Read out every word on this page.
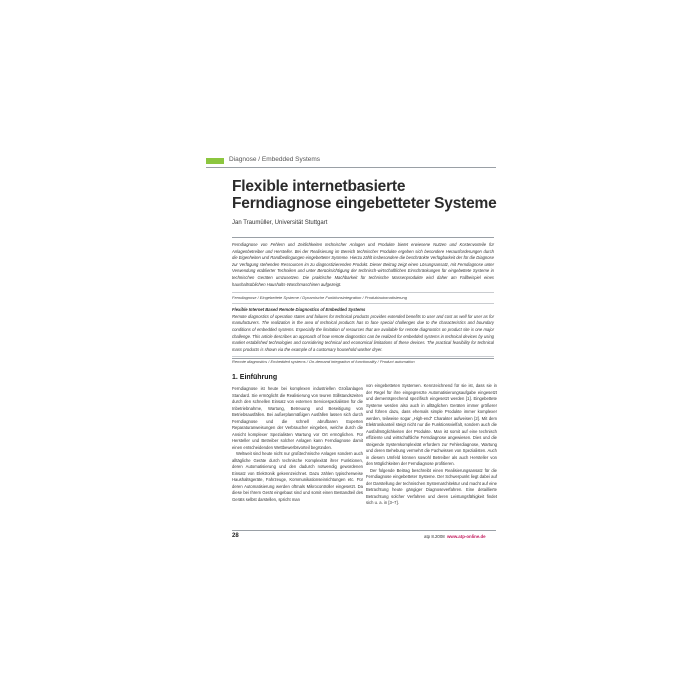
Diagnose / Embedded Systems
Flexible internetbasierte Ferndiagnose eingebetteter Systeme
Jan Traumüller, Universität Stuttgart

Ferndiagnose von Fehlern und Zeitlichkeiten technischer Anlagen und Produkte bietet erwiesene Nutzen und Kostenvorteile für Anlagenbetreiber und Hersteller. Bei der Realisierung im Bereich technischer Produkte ergeben sich besondere Herausforderungen durch die Eigenheiten und Randbedingungen eingebetteter Systeme. Hierzu zählt insbesondere die beschränkte Verfügbarkeit der für die Diagnose zur Verfügung stehenden Ressourcen im zu diagnostizierenden Produkt. Dieser Beitrag zeigt einen Lösungsansatz, mit Ferndiagnose unter Verwendung etablierter Techniken und unter Berücksichtigung der technisch-wirtschaftlichen Einschränkungen für eingebettete Systeme in technischen Geräten umzusetzen. Die praktische Machbarkeit für technische Massenprodukte wird daher am Fallbeispiel eines haushaltsüblichen Haushalts-Waschmaschinen aufgezeigt.

Ferndiagnose / Eingebettete Systeme / Dynamische Funktionsintegration / Produktautomatisierung

Flexible Internet Based Remote Diagnostics of Embedded Systems

Remote diagnostics of operation states and failures for technical products provides extended benefits to user and cost as well for user as for manufacturers. The realization in the area of technical products has to face special challenges due to the characteristics and boundary conditions of embedded systems. Especially the limitation of resources that are available for remote diagnostics on product site is one major challenge. This article describes an approach of how remote diagnostics can be realized for embedded systems in technical devices by using market established technologies and considering technical and economical limitations of these devices. The practical feasibility for technical mass products is shown via the example of a customary household washer dryer.

Remote diagnostics / Embedded systems / On-demand integration of functionality / Product automation

1. Einführung

Ferndiagnose ist heute bei komplexen industriellen Großanlagen Standard. Sie ermöglicht die Realisierung von teuren Stillstandszeiten durch den schnellen Einsatz von externen Servicespezialisten für die Inbetriebnahme, Wartung, Betreuung und Beseitigung von Betriebsausfällen. Bei außerplanmäßigen Ausfällen lassen sich durch Ferndiagnose und die schnell abrufbaren Experten Reparaturanweisungen der Verbraucher eingeben, welche durch die Ansicht komplexer Spezialisten Wartung vor Ort ermöglichen. Für Hersteller und Betreiber solcher Anlagen kann Ferndiagnose damit einen entscheidenden Wettbewerbsvorteil begründen.

Weltweit sind heute nicht nur großtechnische Anlagen sondern auch alltägliche Geräte durch technische Komplexität ihrer Funktionen, deren Automatisierung und den dadurch notwendig gewordenen Einsatz von Elektronik gekennzeichnet. Dazu zählen typischerweise Haushaltsgeräte, Fahrzeuge, Kommunikationseinrichtungen etc. Für deren Automatisierung werden oftmals Mikrocontroller eingesetzt. Da diese bei Ihrem Gerät eingebaut sind und somit einen Bestandteil des Geräts selbst darstellen, spricht man

von eingebetteten Systemen. Kennzeichnend für sie ist, dass sie in der Regel für ihre eingegrenzte Automatisierungsaufgabe eingesetzt und dementsprechend spezifisch eingesetzt werden [1]. Eingebettete Systeme werden also auch in alltäglichen Geräten immer größerer und führen dazu, dass ehemals simple Produkte immer komplexer werden, teilweise sogar „High-end“ Charakter aufweisen [2]. Mit dem Elektronikanteil steigt nicht nur die Funktionsvielfalt, sondern auch die Ausfallmöglichkeiten der Produkte. Man ist somit auf eine technisch effiziente und wirtschaftliche Ferndiagnose angewiesen. Dies und die steigende Systemkomplexität erfordern zur Fehlerdiagnose, Wartung und deren Behebung vermehrt die Fachwissen von Spezialisten. Auch in diesem Umfeld können sowohl Betreiber als auch Hersteller von den Möglichkeiten der Ferndiagnose profitieren.

Der folgende Beitrag beschreibt einen Realisierungsansatz für die Ferndiagnose eingebetteter Systeme. Der Schwerpunkt liegt dabei auf der Darstellung der technischen Systemarchitektur und macht auf eine Betrachtung heute gängiger Diagnoseverfahren. Eine detaillierte Betrachtung solcher Verfahren und deren Leistungsfähigkeit findet sich u. a. in [3–7].

28	atp 8.2008 www.atp-online.de
